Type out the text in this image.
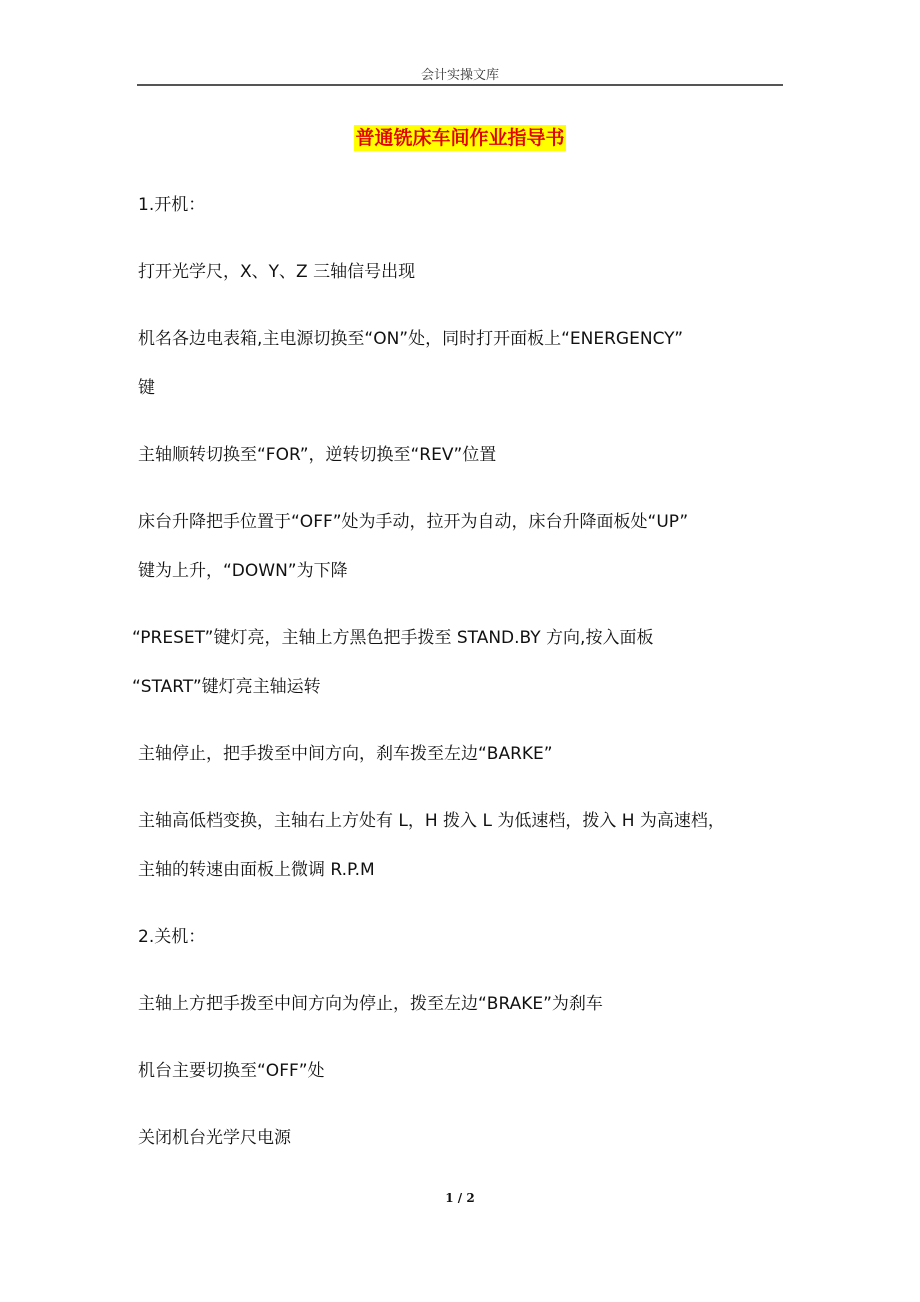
会计实操文库
普通铣床车间作业指导书
1.开机：
打开光学尺，X、Y、Z 三轴信号出现
机名各边电表箱,主电源切换至“ON”处，同时打开面板上“ENERGENCY”
键
主轴顺转切换至“FOR”，逆转切换至“REV”位置
床台升降把手位置于“OFF”处为手动，拉开为自动，床台升降面板处“UP”
键为上升，“DOWN”为下降
“PRESET”键灯亮，主轴上方黑色把手拨至 STAND.BY 方向,按入面板
“START”键灯亮主轴运转
主轴停止，把手拨至中间方向，刹车拨至左边“BARKE”
主轴高低档变换，主轴右上方处有 L，H 拨入 L 为低速档，拨入 H 为高速档，
主轴的转速由面板上微调 R.P.M
2.关机：
主轴上方把手拨至中间方向为停止，拨至左边“BRAKE”为刹车
机台主要切换至“OFF”处
关闭机台光学尺电源
1 / 2
